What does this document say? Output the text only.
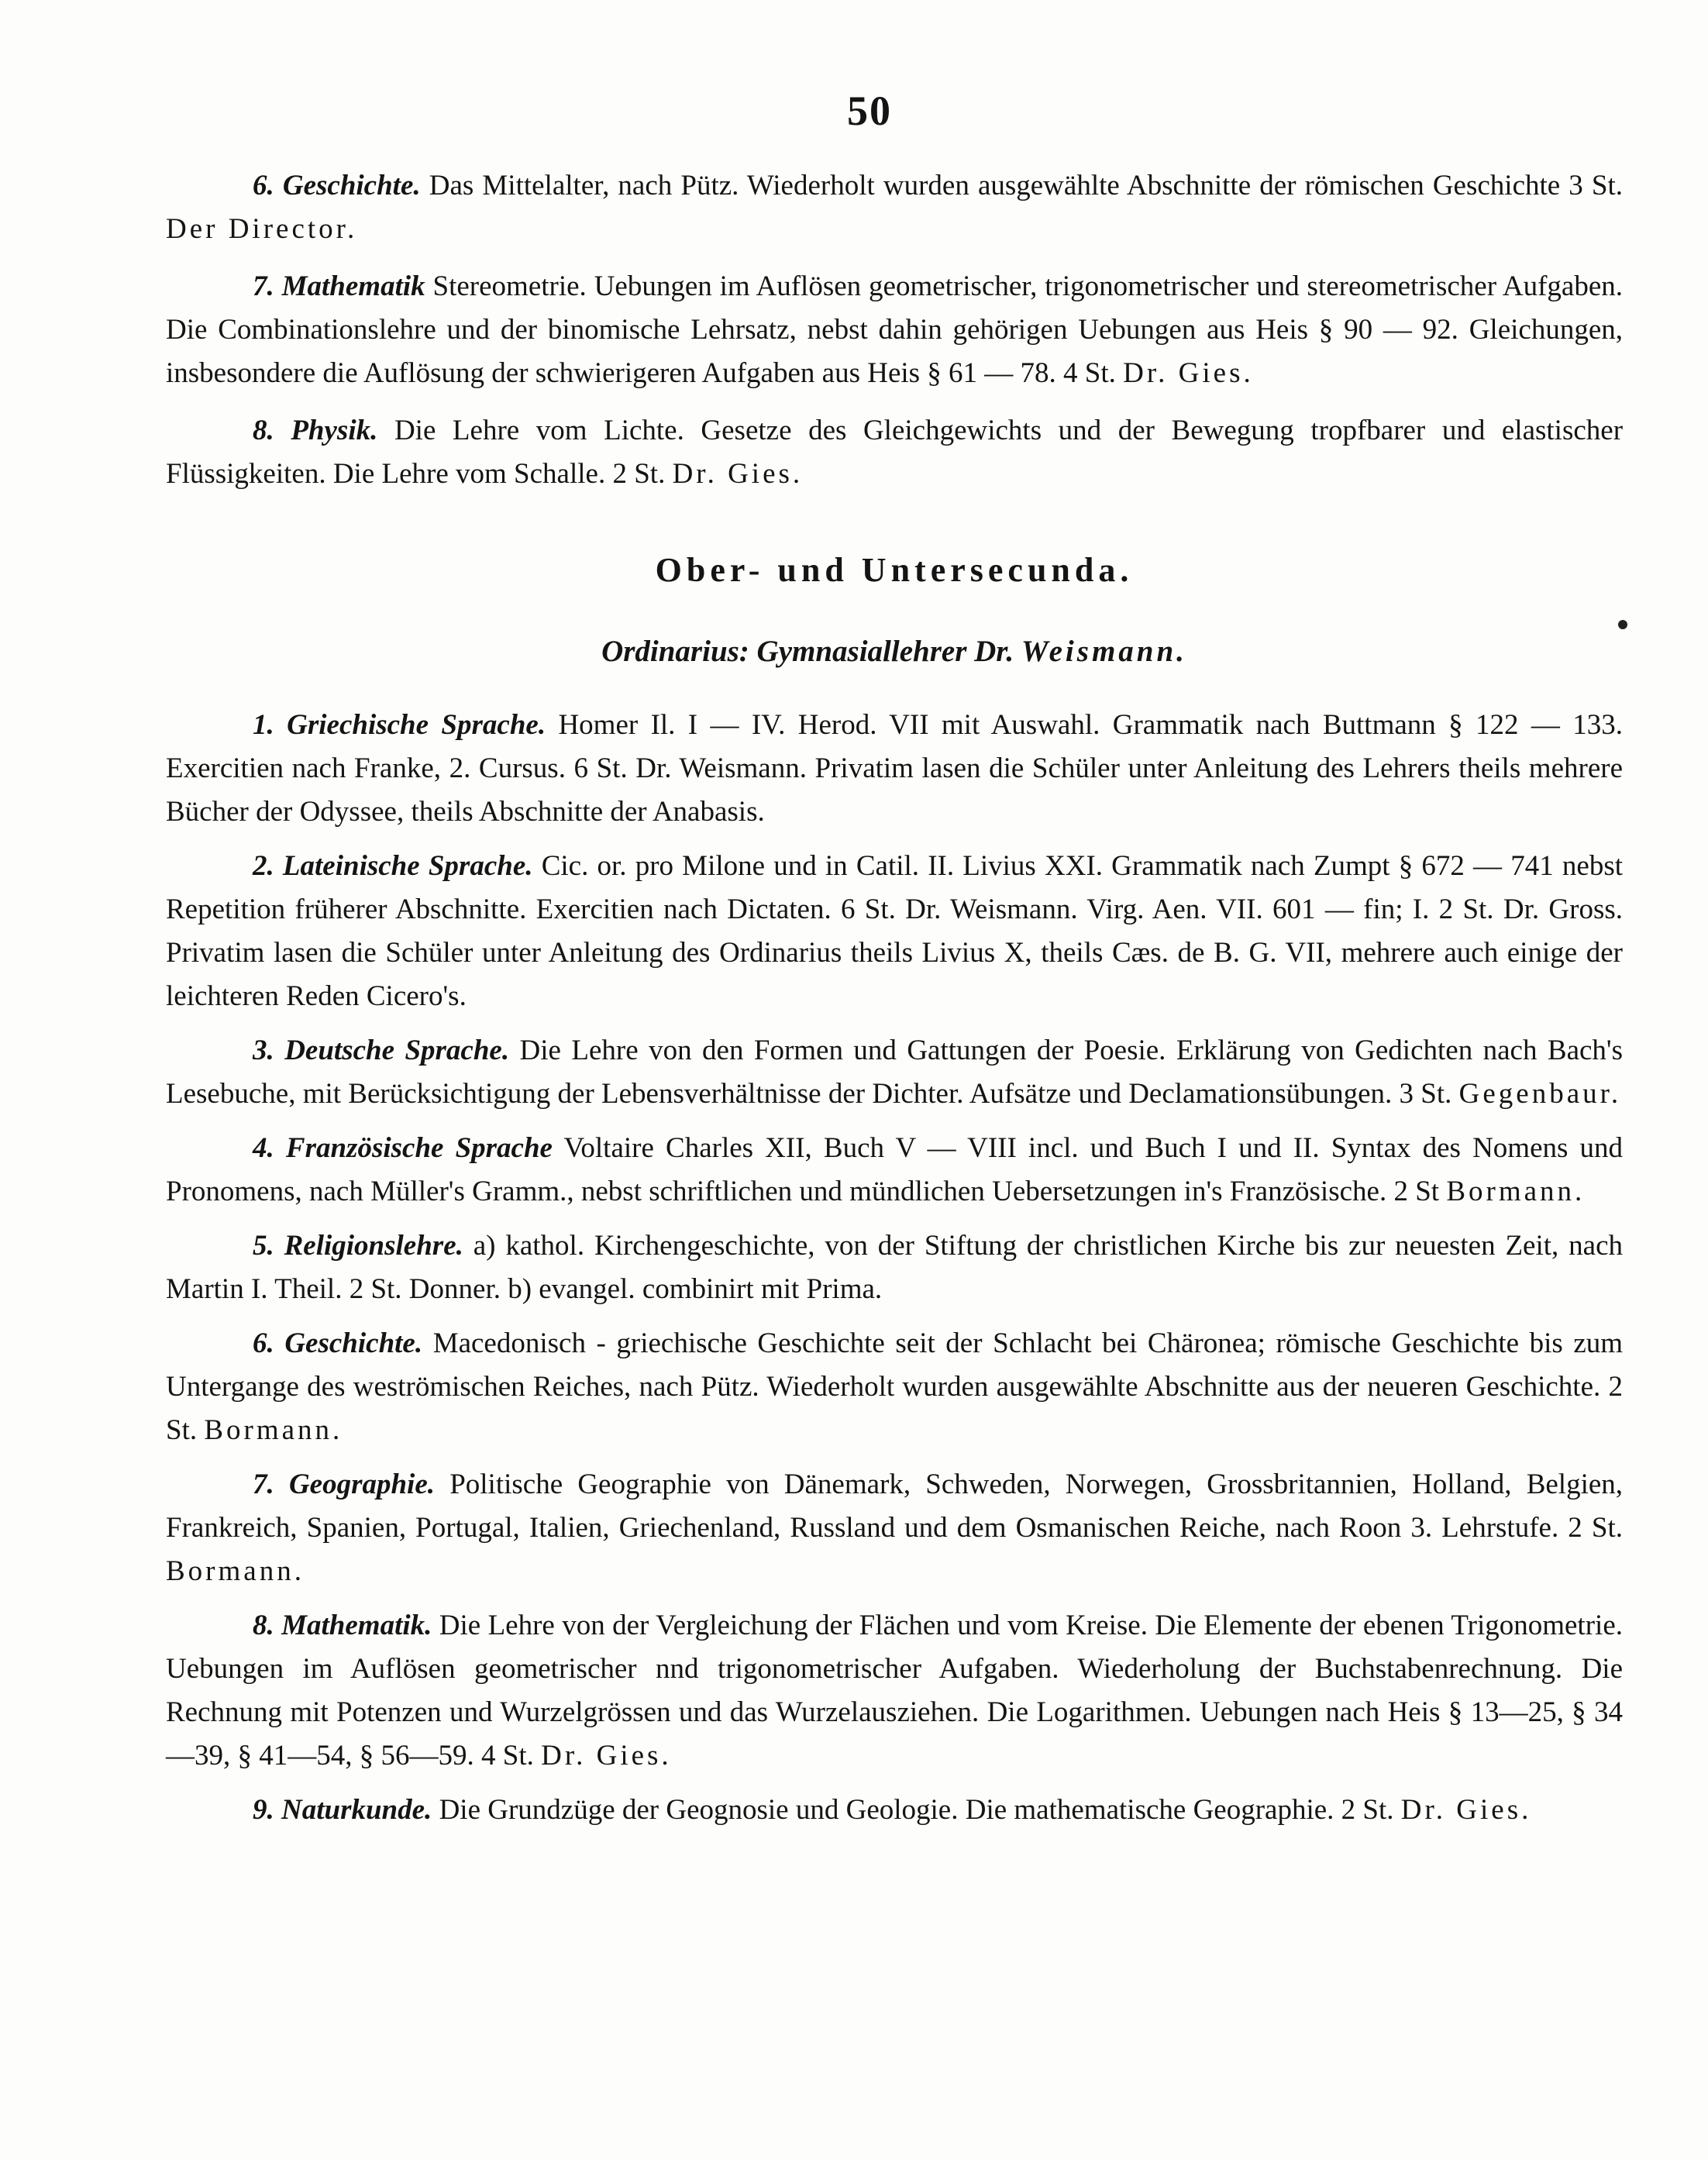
50

6. Geschichte. Das Mittelalter, nach Pütz. Wiederholt wurden ausgewählte Abschnitte der römischen Geschichte 3 St. Der Director.

7. Mathematik Stereometrie. Uebungen im Auflösen geometrischer, trigonometrischer und stereometrischer Aufgaben. Die Combinationslehre und der binomische Lehrsatz, nebst dahin gehörigen Uebungen aus Heis § 90 — 92. Gleichungen, insbesondere die Auflösung der schwierigeren Aufgaben aus Heis § 61 — 78. 4 St. Dr. Gies.

8. Physik. Die Lehre vom Lichte. Gesetze des Gleichgewichts und der Bewegung tropfbarer und elastischer Flüssigkeiten. Die Lehre vom Schalle. 2 St. Dr. Gies.

Ober- und Untersecunda.
Ordinarius: Gymnasiallehrer Dr. Weismann.

1. Griechische Sprache. Homer Il. I — IV. Herod. VII mit Auswahl. Grammatik nach Buttmann § 122 — 133. Exercitien nach Franke, 2. Cursus. 6 St. Dr. Weismann. Privatim lasen die Schüler unter Anleitung des Lehrers theils mehrere Bücher der Odyssee, theils Abschnitte der Anabasis.

2. Lateinische Sprache. Cic. or. pro Milone und in Catil. II. Livius XXI. Grammatik nach Zumpt § 672 — 741 nebst Repetition früherer Abschnitte. Exercitien nach Dictaten. 6 St. Dr. Weismann. Virg. Aen. VII. 601 — fin; I. 2 St. Dr. Gross. Privatim lasen die Schüler unter Anleitung des Ordinarius theils Livius X, theils Cæs. de B. G. VII, mehrere auch einige der leichteren Reden Cicero's.

3. Deutsche Sprache. Die Lehre von den Formen und Gattungen der Poesie. Erklärung von Gedichten nach Bach's Lesebuche, mit Berücksichtigung der Lebensverhältnisse der Dichter. Aufsätze und Declamationsübungen. 3 St. Gegenbaur.

4. Französische Sprache Voltaire Charles XII, Buch V — VIII incl. und Buch I und II. Syntax des Nomens und Pronomens, nach Müller's Gramm., nebst schriftlichen und mündlichen Uebersetzungen in's Französische. 2 St Bormann.

5. Religionslehre. a) kathol. Kirchengeschichte, von der Stiftung der christlichen Kirche bis zur neuesten Zeit, nach Martin I. Theil. 2 St. Donner. b) evangel. combinirt mit Prima.

6. Geschichte. Macedonisch - griechische Geschichte seit der Schlacht bei Chäronea; römische Geschichte bis zum Untergange des weströmischen Reiches, nach Pütz. Wiederholt wurden ausgewählte Abschnitte aus der neueren Geschichte. 2 St. Bormann.

7. Geographie. Politische Geographie von Dänemark, Schweden, Norwegen, Grossbritannien, Holland, Belgien, Frankreich, Spanien, Portugal, Italien, Griechenland, Russland und dem Osmanischen Reiche, nach Roon 3. Lehrstufe. 2 St. Bormann.

8. Mathematik. Die Lehre von der Vergleichung der Flächen und vom Kreise. Die Elemente der ebenen Trigonometrie. Uebungen im Auflösen geometrischer nnd trigonometrischer Aufgaben. Wiederholung der Buchstabenrechnung. Die Rechnung mit Potenzen und Wurzelgrössen und das Wurzelausziehen. Die Logarithmen. Uebungen nach Heis § 13—25, § 34—39, § 41—54, § 56—59. 4 St. Dr. Gies.

9. Naturkunde. Die Grundzüge der Geognosie und Geologie. Die mathematische Geographie. 2 St. Dr. Gies.
